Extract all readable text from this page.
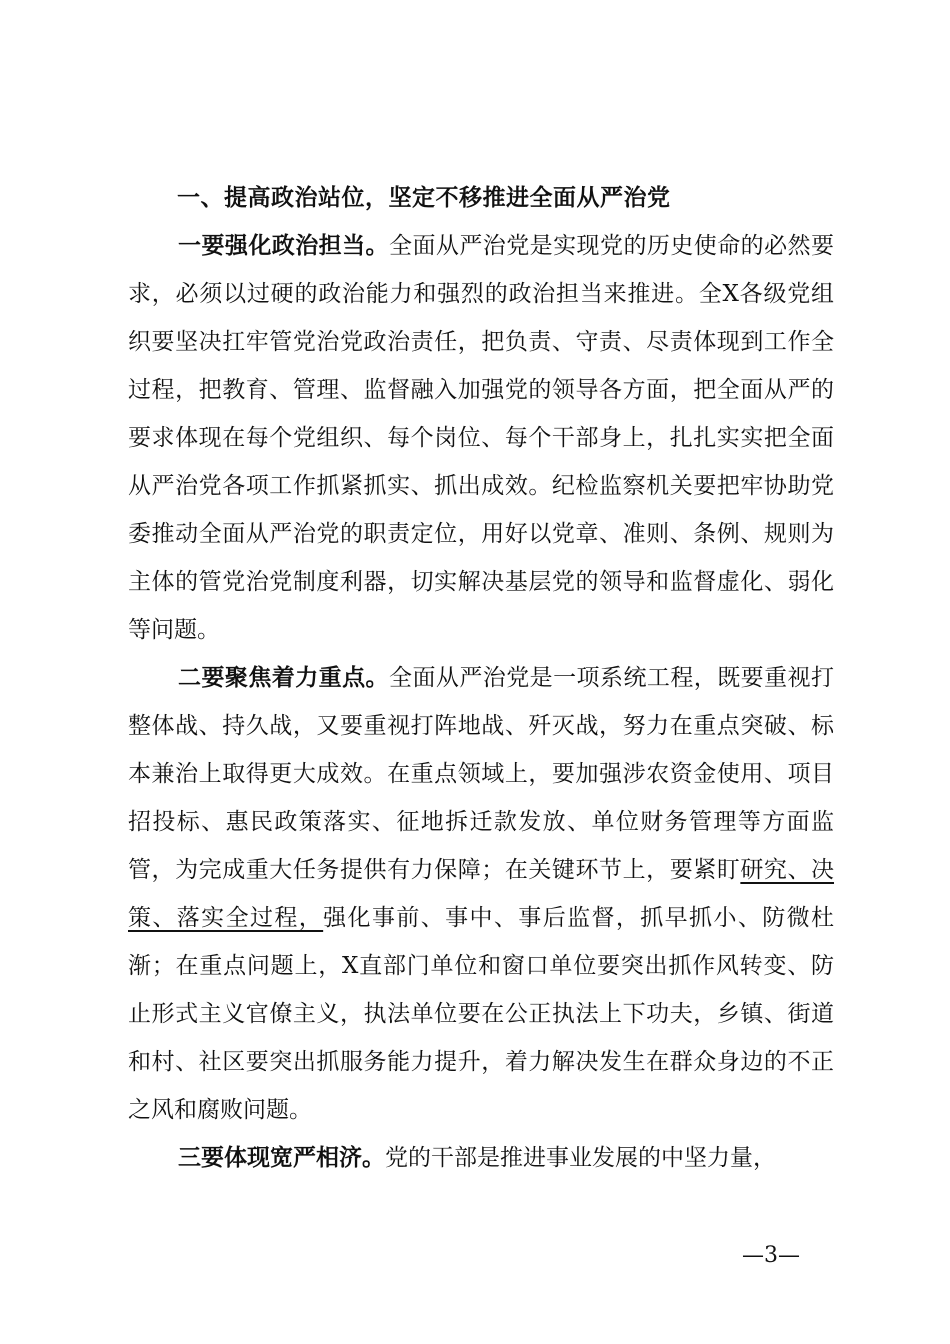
一、提高政治站位，坚定不移推进全面从严治党

一要强化政治担当。全面从严治党是实现党的历史使命的必然要求，必须以过硬的政治能力和强烈的政治担当来推进。全X各级党组织要坚决扛牢管党治党政治责任，把负责、守责、尽责体现到工作全过程，把教育、管理、监督融入加强党的领导各方面，把全面从严的要求体现在每个党组织、每个岗位、每个干部身上，扎扎实实把全面从严治党各项工作抓紧抓实、抓出成效。纪检监察机关要把牢协助党委推动全面从严治党的职责定位，用好以党章、准则、条例、规则为主体的管党治党制度利器，切实解决基层党的领导和监督虚化、弱化等问题。

二要聚焦着力重点。全面从严治党是一项系统工程，既要重视打整体战、持久战，又要重视打阵地战、歼灭战，努力在重点突破、标本兼治上取得更大成效。在重点领域上，要加强涉农资金使用、项目招投标、惠民政策落实、征地拆迁款发放、单位财务管理等方面监管，为完成重大任务提供有力保障；在关键环节上，要紧盯研究、决策、落实全过程，强化事前、事中、事后监督，抓早抓小、防微杜渐；在重点问题上，X直部门单位和窗口单位要突出抓作风转变、防止形式主义官僚主义，执法单位要在公正执法上下功夫，乡镇、街道和村、社区要突出抓服务能力提升，着力解决发生在群众身边的不正之风和腐败问题。

三要体现宽严相济。党的干部是推进事业发展的中坚力量，

—3—
